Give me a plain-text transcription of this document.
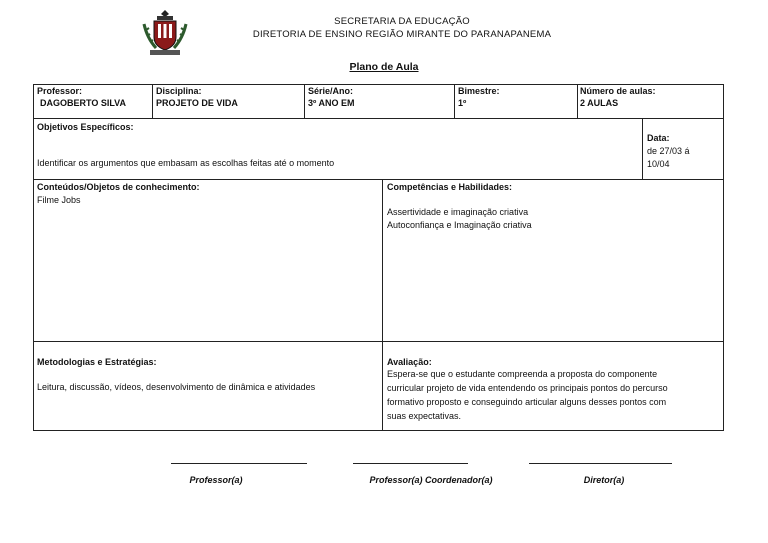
SECRETARIA DA EDUCAÇÃO
DIRETORIA DE ENSINO REGIÃO MIRANTE DO PARANAPANEMA
Plano de Aula
Professor:
DAGOBERTO SILVA
Disciplina:
PROJETO DE VIDA
Série/Ano:
3º ANO EM
Bimestre:
1º
Número de aulas:
2 AULAS
Objetivos Específicos:
Identificar os argumentos que embasam as escolhas feitas até o momento
Data:
de 27/03 á
10/04
Conteúdos/Objetos de conhecimento:
Filme Jobs
Competências e Habilidades:
Assertividade e imaginação criativa
Autoconfiança e Imaginação criativa
Metodologias e Estratégias:
Leitura, discussão, vídeos, desenvolvimento de dinâmica e atividades
Avaliação:
Espera-se que o estudante compreenda a proposta do componente
curricular projeto de vida entendendo os principais pontos do percurso
formativo proposto e conseguindo articular alguns desses pontos com
suas expectativas.
Professor(a)	Professor(a) Coordenador(a)	Diretor(a)
